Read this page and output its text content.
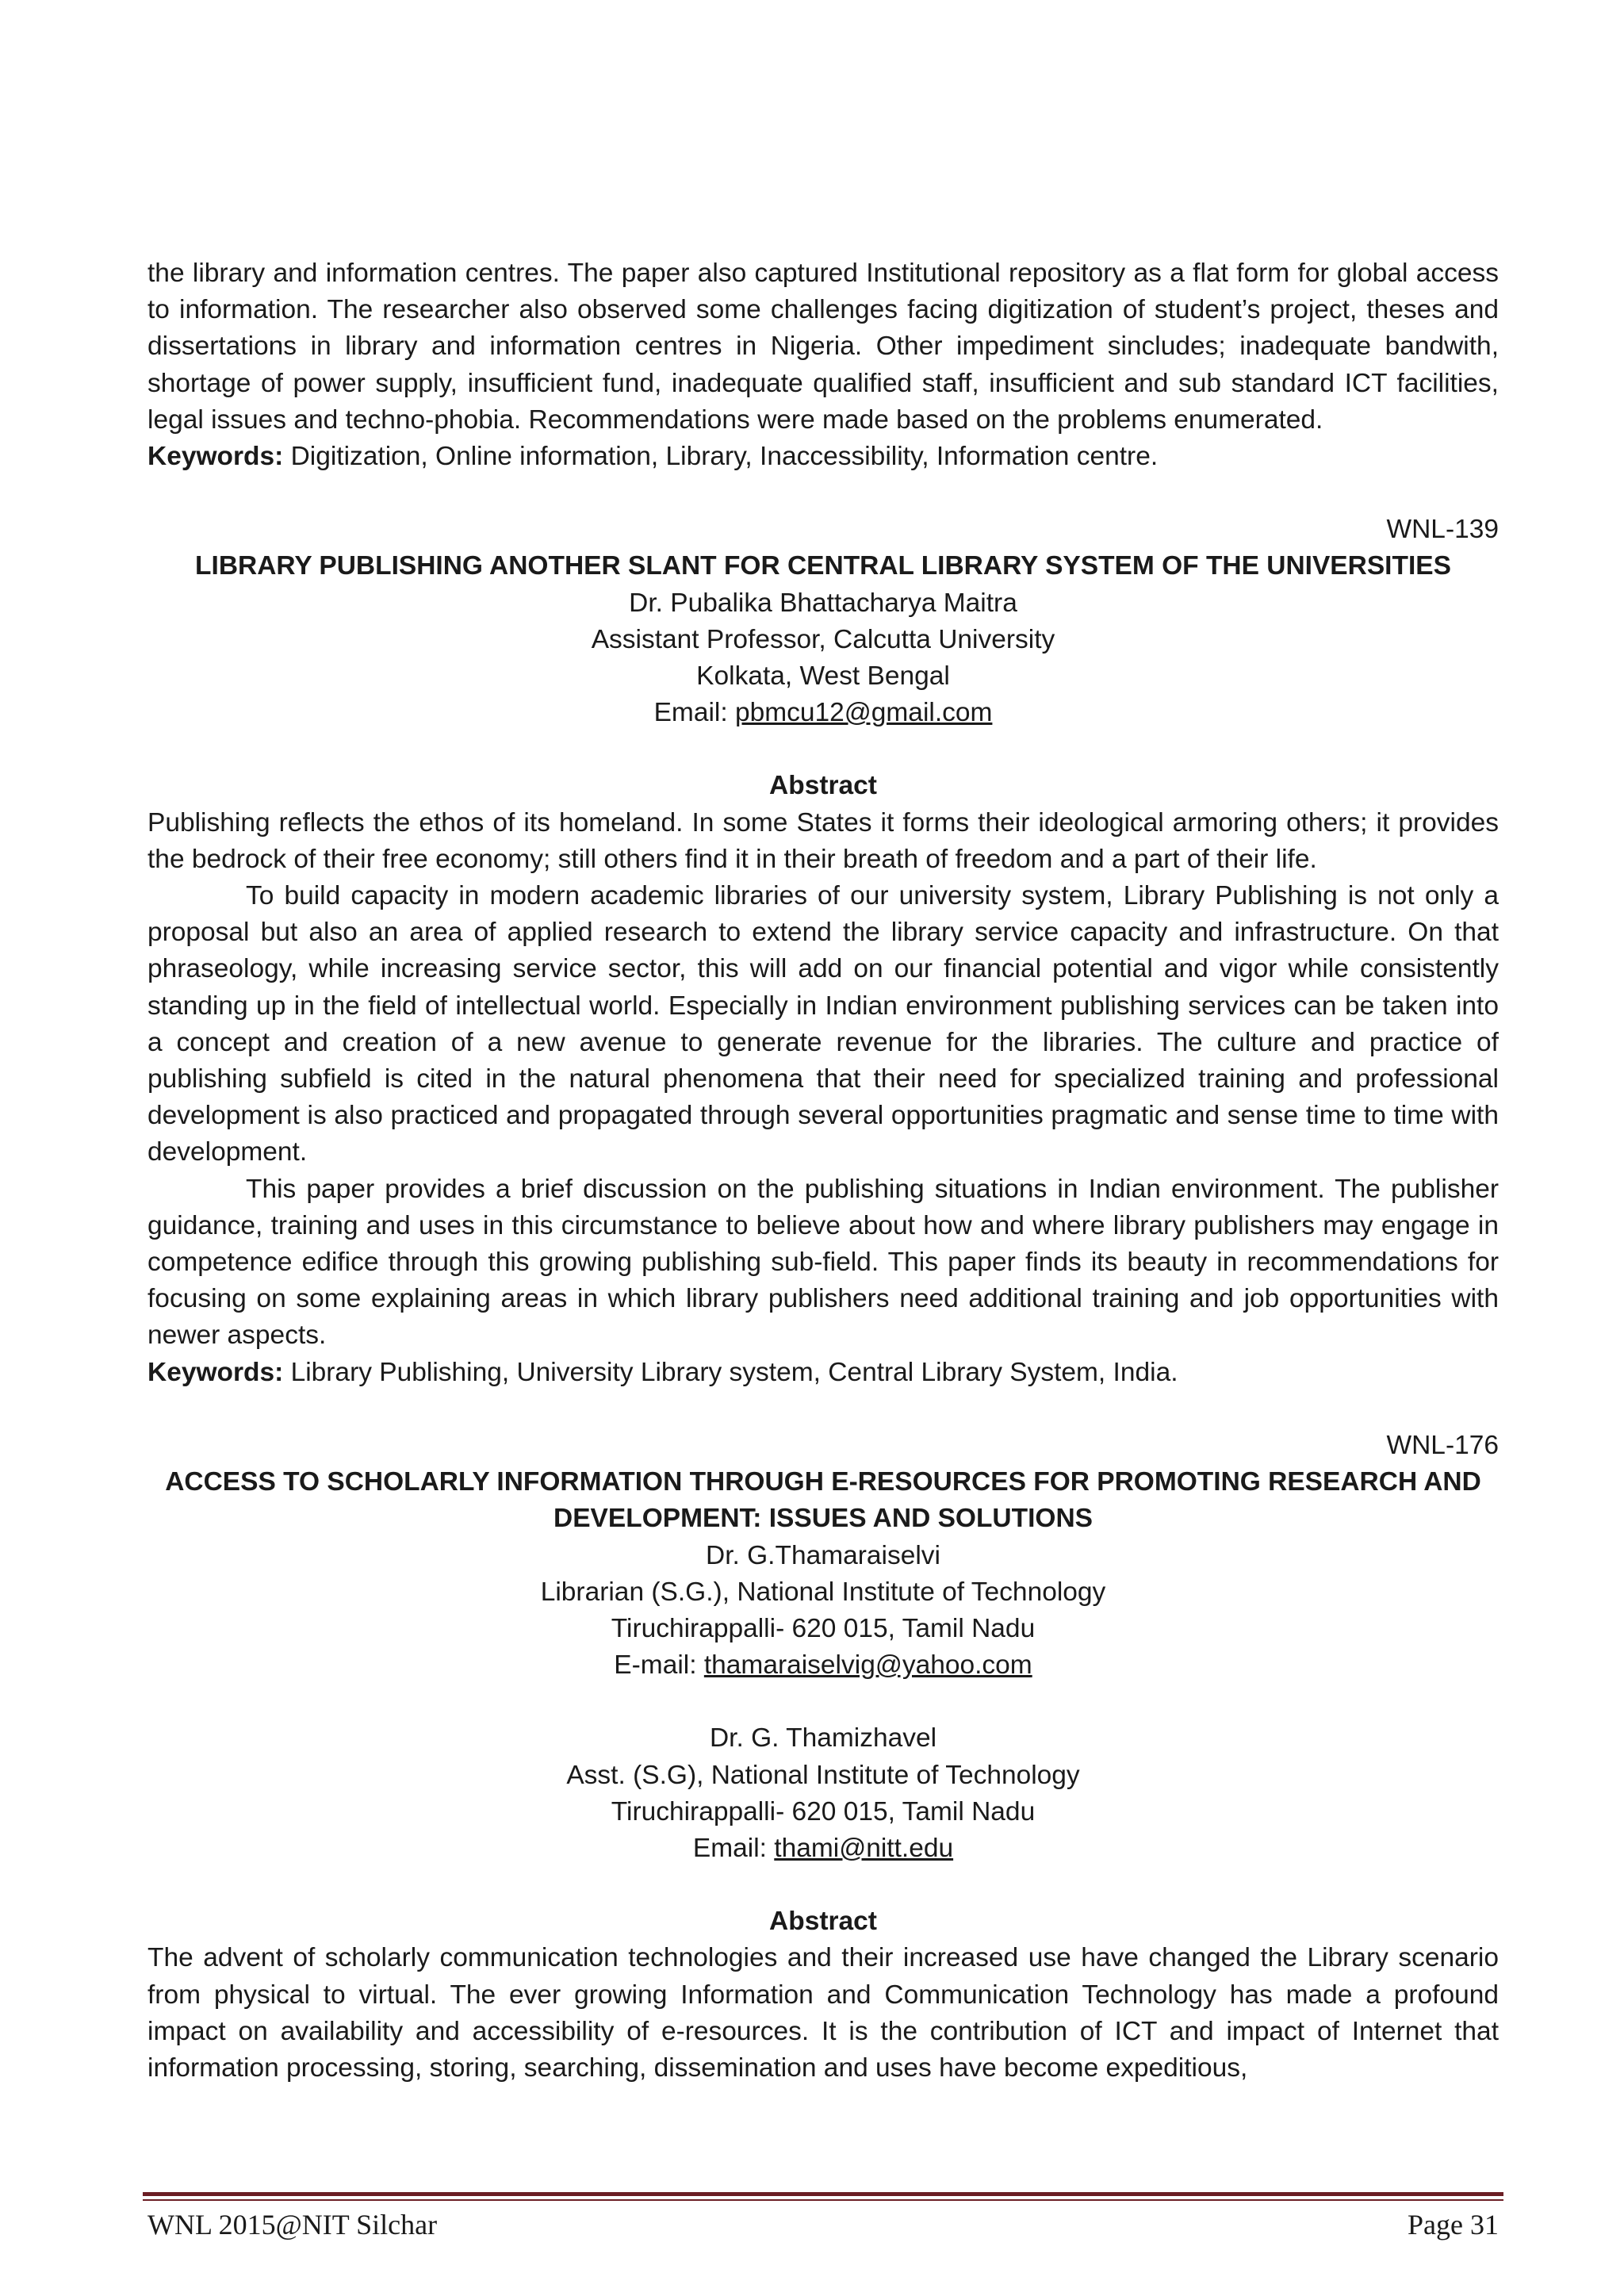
the library and information centres. The paper also captured Institutional repository as a flat form for global access to information. The researcher also observed some challenges facing digitization of student’s project, theses and dissertations in library and information centres in Nigeria. Other impediment sincludes; inadequate bandwith, shortage of power supply, insufficient fund, inadequate qualified staff, insufficient and sub standard ICT facilities, legal issues and techno-phobia. Recommendations were made based on the problems enumerated.

Keywords: Digitization, Online information, Library, Inaccessibility, Information centre.

WNL-139

LIBRARY PUBLISHING ANOTHER SLANT FOR CENTRAL LIBRARY SYSTEM OF THE UNIVERSITIES

Dr. Pubalika Bhattacharya Maitra

Assistant Professor, Calcutta University

Kolkata, West Bengal

Email: pbmcu12@gmail.com

Abstract

Publishing reflects the ethos of its homeland. In some States it forms their ideological armoring others; it provides the bedrock of their free economy; still others find it in their breath of freedom and a part of their life.

To build capacity in modern academic libraries of our university system, Library Publishing is not only a proposal but also an area of applied research to extend the library service capacity and infrastructure. On that phraseology, while increasing service sector, this will add on our financial potential and vigor while consistently standing up in the field of intellectual world. Especially in Indian environment publishing services can be taken into a concept and creation of a new avenue to generate revenue for the libraries. The culture and practice of publishing subfield is cited in the natural phenomena that their need for specialized training and professional development is also practiced and propagated through several opportunities pragmatic and sense time to time with development.

This paper provides a brief discussion on the publishing situations in Indian environment. The publisher guidance, training and uses in this circumstance to believe about how and where library publishers may engage in competence edifice through this growing publishing sub-field. This paper finds its beauty in recommendations for focusing on some explaining areas in which library publishers need additional training and job opportunities with newer aspects.

Keywords: Library Publishing, University Library system, Central Library System, India.

WNL-176

ACCESS TO SCHOLARLY INFORMATION THROUGH E-RESOURCES FOR PROMOTING RESEARCH AND DEVELOPMENT: ISSUES AND SOLUTIONS

Dr. G.Thamaraiselvi

Librarian (S.G.), National Institute of Technology

Tiruchirappalli- 620 015, Tamil Nadu

E-mail: thamaraiselvig@yahoo.com

Dr. G. Thamizhavel

Asst. (S.G), National Institute of Technology

Tiruchirappalli- 620 015, Tamil Nadu

Email: thami@nitt.edu

Abstract

The advent of scholarly communication technologies and their increased use have changed the Library scenario from physical to virtual. The ever growing Information and Communication Technology has made a profound impact on availability and accessibility of e-resources. It is the contribution of ICT and impact of Internet that information processing, storing, searching, dissemination and uses have become expeditious,

WNL 2015@NIT Silchar	Page 31
